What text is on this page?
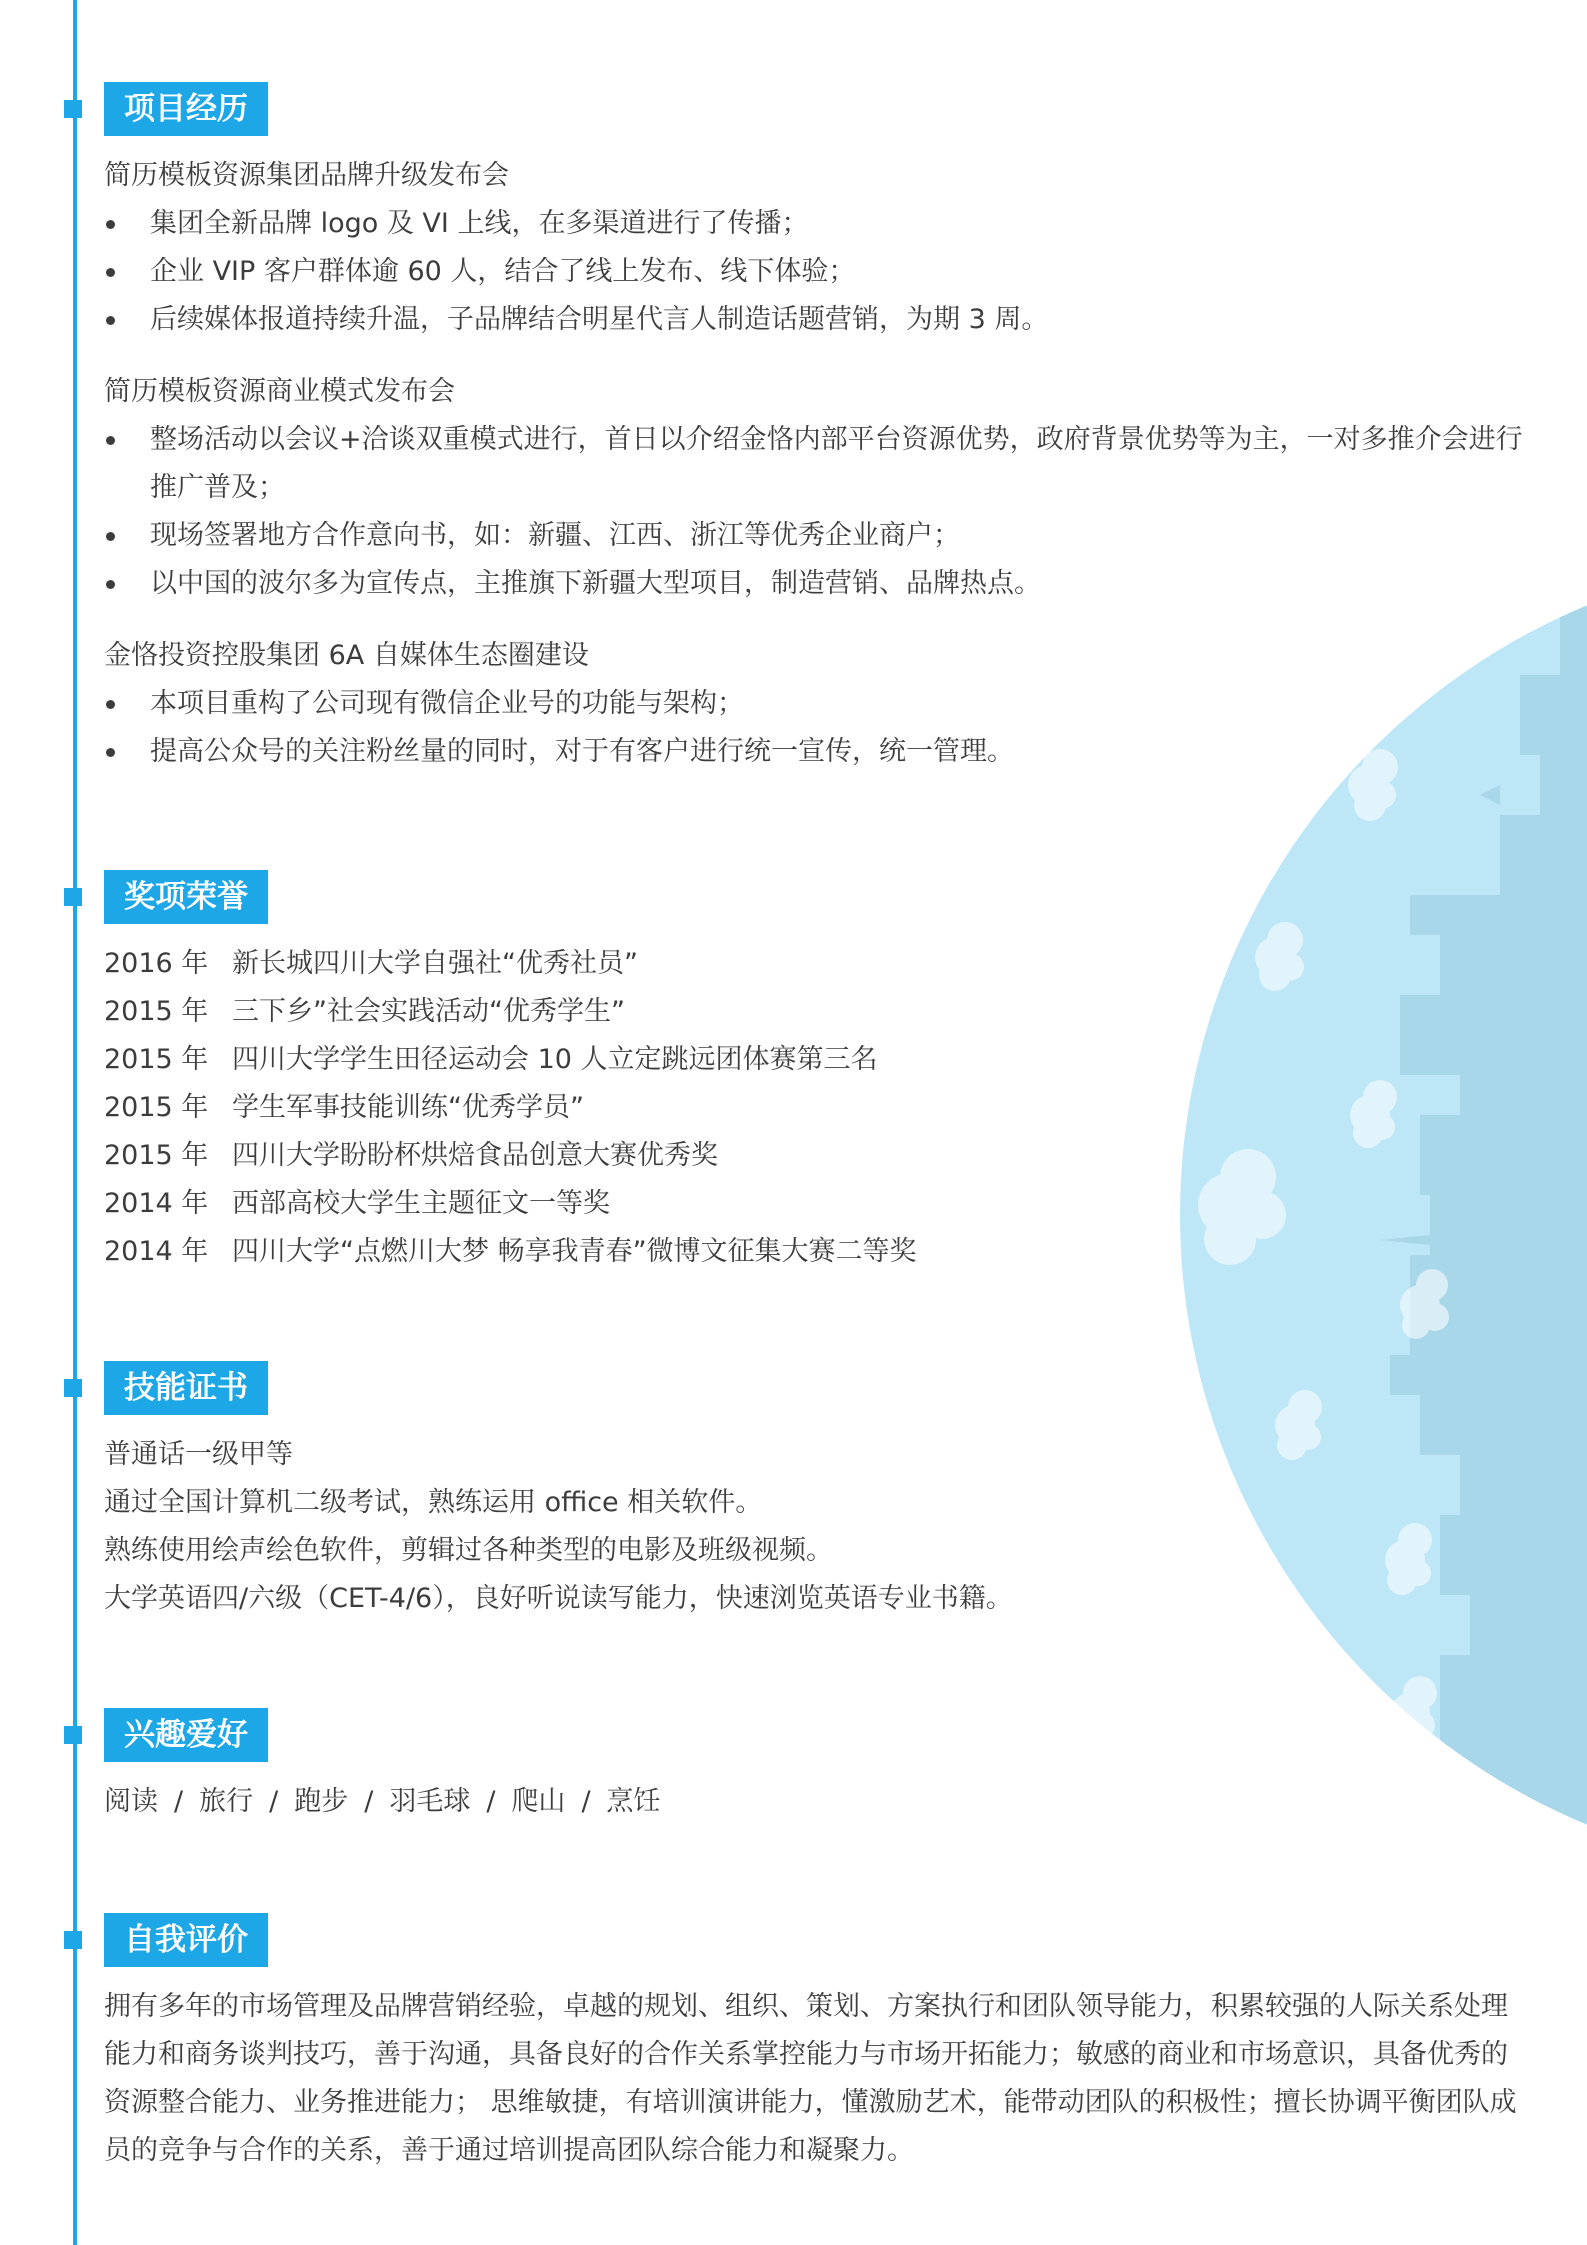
项目经历
简历模板资源集团品牌升级发布会
集团全新品牌 logo 及 VI 上线，在多渠道进行了传播；
企业 VIP 客户群体逾 60 人，结合了线上发布、线下体验；
后续媒体报道持续升温，子品牌结合明星代言人制造话题营销，为期 3 周。
简历模板资源商业模式发布会
整场活动以会议+洽谈双重模式进行，首日以介绍金恪内部平台资源优势，政府背景优势等为主，一对多推介会进行推广普及；
现场签署地方合作意向书，如：新疆、江西、浙江等优秀企业商户；
以中国的波尔多为宣传点，主推旗下新疆大型项目，制造营销、品牌热点。
金恪投资控股集团 6A 自媒体生态圈建设
本项目重构了公司现有微信企业号的功能与架构；
提高公众号的关注粉丝量的同时，对于有客户进行统一宣传，统一管理。
奖项荣誉
2016 年 新长城四川大学自强社“优秀社员”
2015 年 三下乡”社会实践活动“优秀学生”
2015 年 四川大学学生田径运动会 10 人立定跳远团体赛第三名
2015 年 学生军事技能训练“优秀学员”
2015 年 四川大学盼盼杯烘焙食品创意大赛优秀奖
2014 年 西部高校大学生主题征文一等奖
2014 年 四川大学“点燃川大梦 畅享我青春”微博文征集大赛二等奖
技能证书
普通话一级甲等
通过全国计算机二级考试，熟练运用 office 相关软件。
熟练使用绘声绘色软件，剪辑过各种类型的电影及班级视频。
大学英语四/六级（CET-4/6），良好听说读写能力，快速浏览英语专业书籍。
兴趣爱好
阅读 / 旅行 / 跑步 / 羽毛球 / 爬山 / 烹饪
自我评价
拥有多年的市场管理及品牌营销经验，卓越的规划、组织、策划、方案执行和团队领导能力，积累较强的人际关系处理能力和商务谈判技巧，善于沟通，具备良好的合作关系掌控能力与市场开拓能力；敏感的商业和市场意识，具备优秀的资源整合能力、业务推进能力； 思维敏捷，有培训演讲能力，懂激励艺术，能带动团队的积极性；擅长协调平衡团队成员的竞争与合作的关系，善于通过培训提高团队综合能力和凝聚力。
